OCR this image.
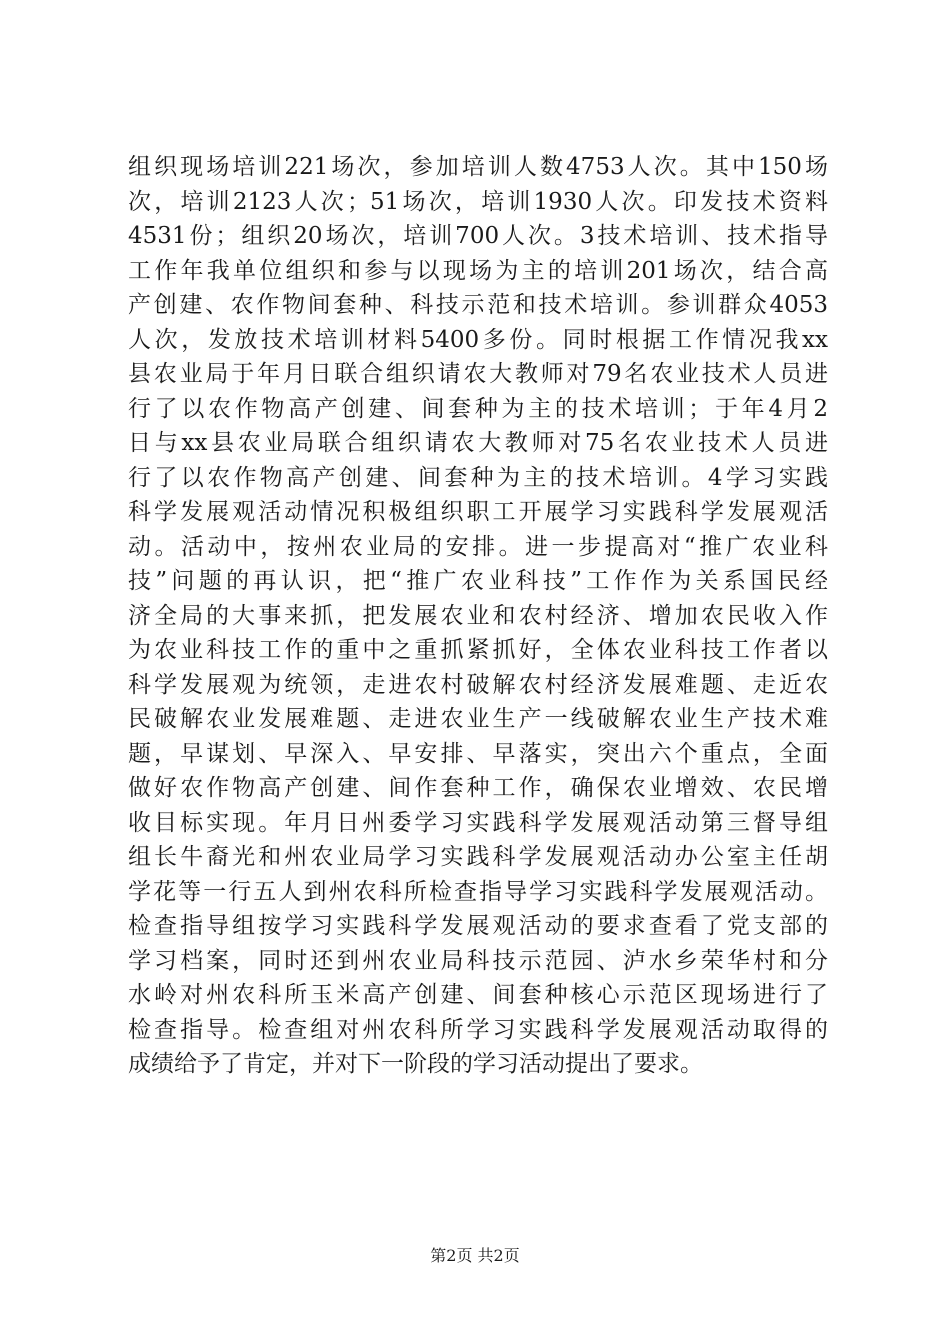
组织现场培训221场次，参加培训人数4753人次。其中150场
次，培训2123人次；51场次，培训1930人次。印发技术资料
4531份；组织20场次，培训700人次。3技术培训、技术指导
工作年我单位组织和参与以现场为主的培训201场次，结合高
产创建、农作物间套种、科技示范和技术培训。参训群众4053
人次，发放技术培训材料5400多份。同时根据工作情况我xx
县农业局于年月日联合组织请农大教师对79名农业技术人员进
行了以农作物高产创建、间套种为主的技术培训；于年4月2
日与xx县农业局联合组织请农大教师对75名农业技术人员进
行了以农作物高产创建、间套种为主的技术培训。4学习实践
科学发展观活动情况积极组织职工开展学习实践科学发展观活
动。活动中，按州农业局的安排。进一步提高对“推广农业科
技”问题的再认识，把“推广农业科技”工作作为关系国民经
济全局的大事来抓，把发展农业和农村经济、增加农民收入作
为农业科技工作的重中之重抓紧抓好，全体农业科技工作者以
科学发展观为统领，走进农村破解农村经济发展难题、走近农
民破解农业发展难题、走进农业生产一线破解农业生产技术难
题，早谋划、早深入、早安排、早落实，突出六个重点，全面
做好农作物高产创建、间作套种工作，确保农业增效、农民增
收目标实现。年月日州委学习实践科学发展观活动第三督导组
组长牛裔光和州农业局学习实践科学发展观活动办公室主任胡
学花等一行五人到州农科所检查指导学习实践科学发展观活动。
检查指导组按学习实践科学发展观活动的要求查看了党支部的
学习档案，同时还到州农业局科技示范园、泸水乡荣华村和分
水岭对州农科所玉米高产创建、间套种核心示范区现场进行了
检查指导。检查组对州农科所学习实践科学发展观活动取得的
成绩给予了肯定，并对下一阶段的学习活动提出了要求。
第2页 共2页
